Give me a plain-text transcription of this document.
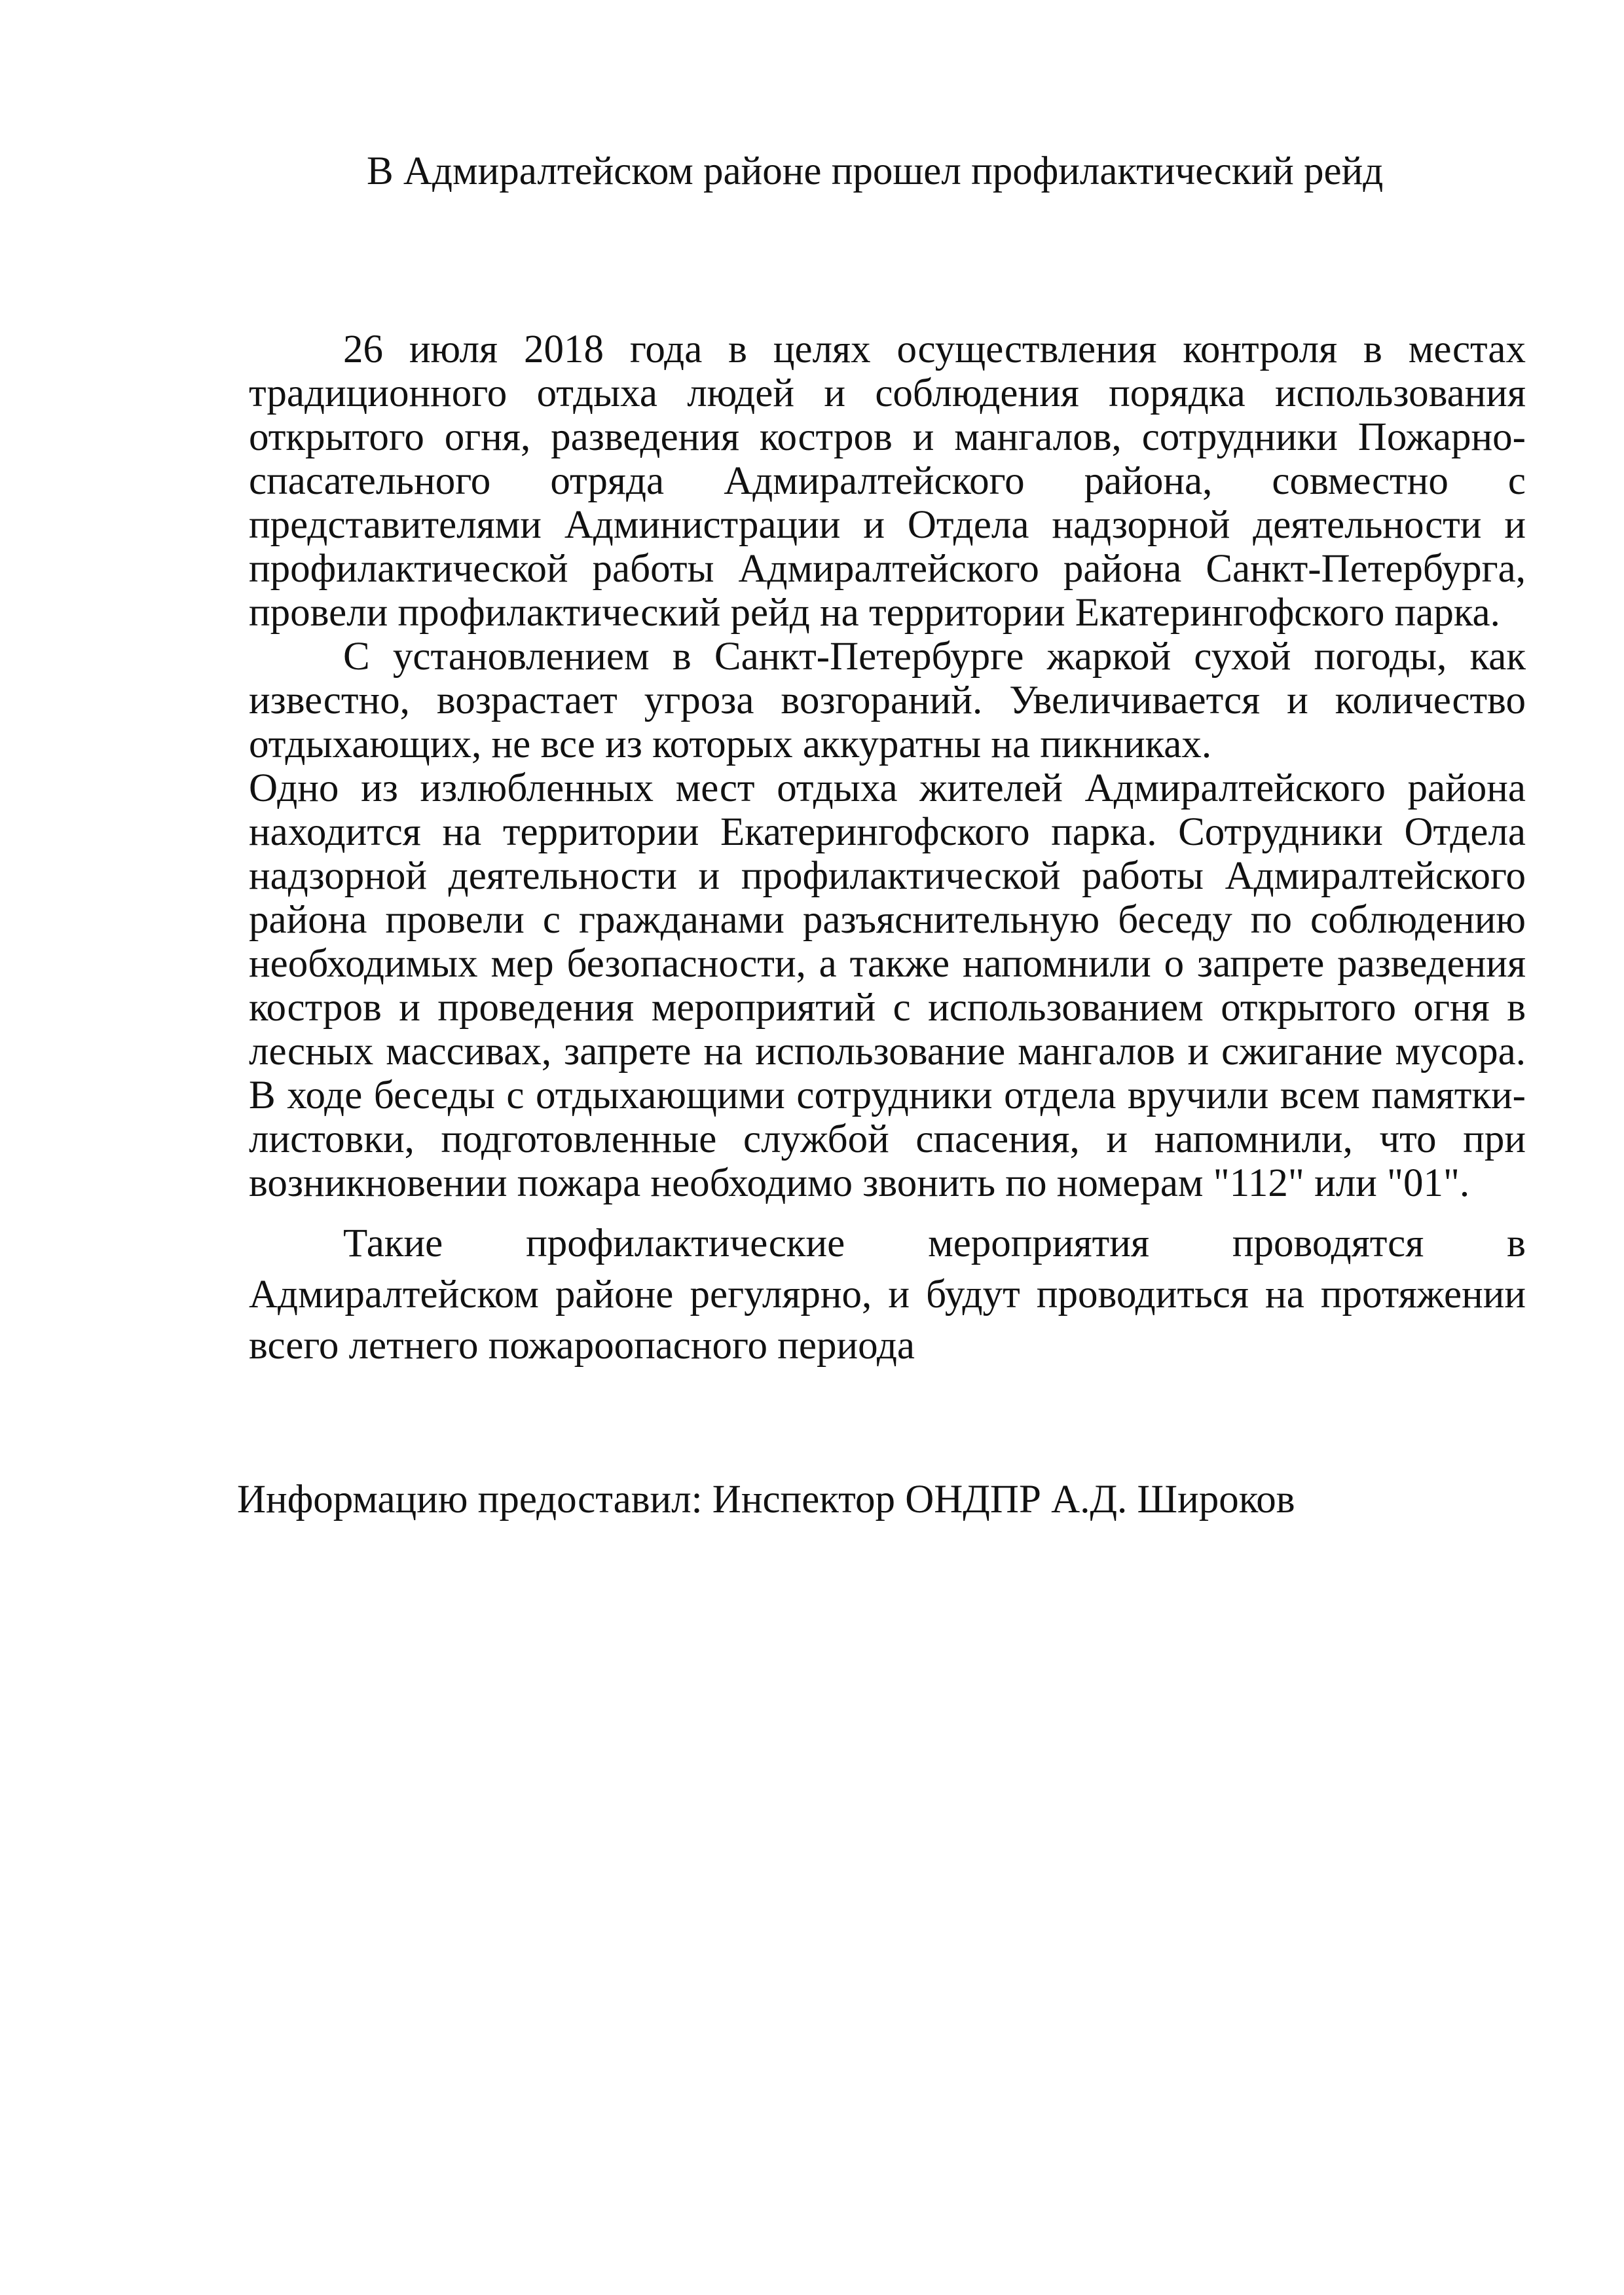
В Адмиралтейском районе прошел профилактический рейд

26 июля 2018 года в целях осуществления контроля в местах традиционного отдыха людей и соблюдения порядка использования открытого огня, разведения костров и мангалов, сотрудники Пожарно-спасательного отряда Адмиралтейского района, совместно с представителями Администрации и Отдела надзорной деятельности и профилактической работы Адмиралтейского района Санкт-Петербурга, провели профилактический рейд на территории Екатерингофского парка.

С установлением в Санкт-Петербурге жаркой сухой погоды, как известно, возрастает угроза возгораний. Увеличивается и количество отдыхающих, не все из которых аккуратны на пикниках.

Одно из излюбленных мест отдыха жителей Адмиралтейского района находится на территории Екатерингофского парка. Сотрудники Отдела надзорной деятельности и профилактической работы Адмиралтейского района провели с гражданами разъяснительную беседу по соблюдению необходимых мер безопасности, а также напомнили о запрете разведения костров и проведения мероприятий с использованием открытого огня в лесных массивах, запрете на использование мангалов и сжигание мусора. В ходе беседы с отдыхающими сотрудники отдела вручили всем памятки-листовки, подготовленные службой спасения, и напомнили, что при возникновении пожара необходимо звонить по номерам "112" или "01".

Такие профилактические мероприятия проводятся в Адмиралтейском районе регулярно, и будут проводиться на протяжении всего летнего пожароопасного периода

Информацию предоставил: Инспектор ОНДПР А.Д. Широков
